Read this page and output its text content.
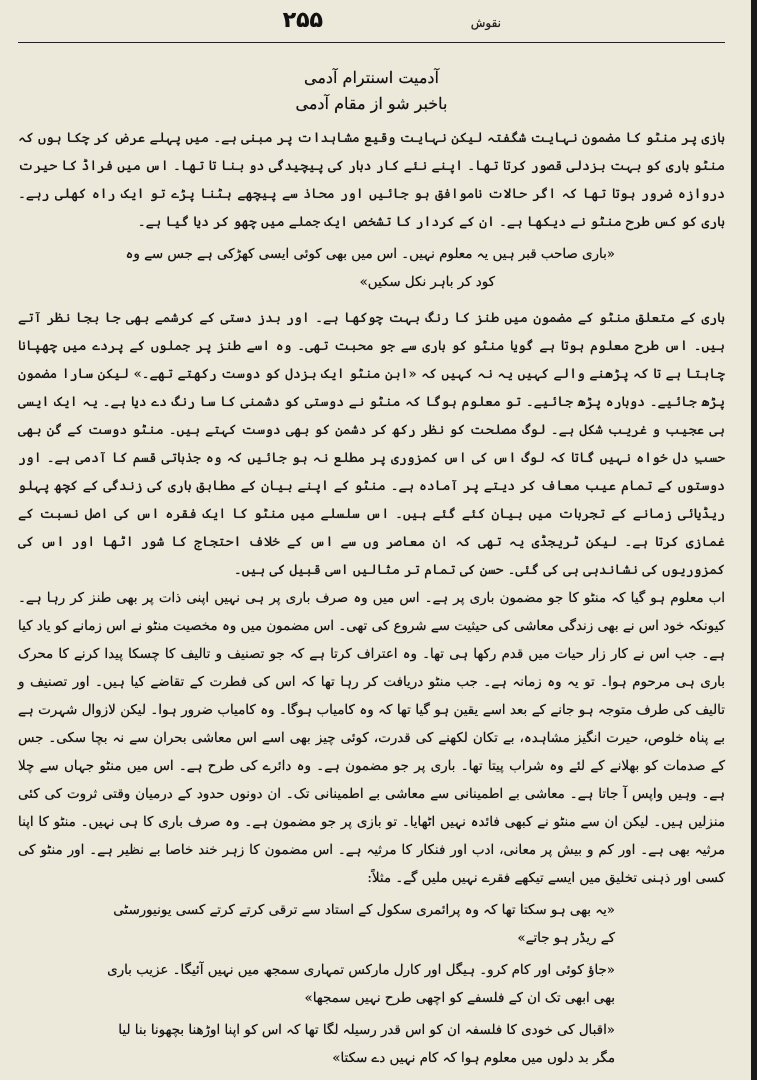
نقوش
۲۵۵
آدمیت اسنترام آدمی
باخبر شو از مقام آدمی

بازی پر منٹو کا مضمون نہایت شگفتہ لیکن نہایت وقیع مشاہدات پر مبنی ہے۔ میں پہلے عرض کر چکا ہوں کہ منٹو باری کو بہت بزدلی قصور کرتا تھا۔ اپنے نئے کار دبار کی پیچیدگی دو بنا تا تھا۔ اس میں فراڈ کا حیرت دروازہ ضرور ہوتا تھا کہ اگر حالات ناموافق ہو جائیں اور محاذ سے پیچھے ہٹنا پڑے تو ایک راہ کھلی رہے۔ باری کو کس طرح منٹو نے دیکھا ہے۔ ان کے کردار کا تشخص ایک جملے میں چھو کر دیا گیا ہے۔

«باری صاحب قبر ہیں یہ معلوم نہیں۔ اس میں بھی کوئی ایسی کھڑکی ہے جس سے وہ
کود کر باہر نکل سکیں»

باری کے متعلق منٹو کے مضمون میں طنز کا رنگ بہت چوکھا ہے۔ اور بدز دستی کے کرشمے بھی جا بجا نظر آتے ہیں۔ اس طرح معلوم ہوتا ہے گویا منٹو کو باری سے جو محبت تھی۔ وہ اسے طنز پر جملوں کے پردے میں چھپانا چاہتا ہے تا کہ پڑھنے والے کہیں یہ نہ کہیں کہ «ابن منٹو ایک بزدل کو دوست رکھتے تھے۔» لیکن سارا مضمون پڑھ جائیے۔ دوبارہ پڑھ جائیے۔ تو معلوم ہوگا کہ منٹو نے دوستی کو دشمنی کا سا رنگ دے دیا ہے۔ یہ ایک ایسی ہی عجیب و غریب شکل ہے۔ لوگ مصلحت کو نظر رکھ کر دشمن کو بھی دوست کہتے ہیں۔ منٹو دوست کے گن بھی حسبِ دل خواہ نہیں گاتا کہ لوگ اس کی اس کمزوری پر مطلع نہ ہو جائیں کہ وہ جذباتی قسم کا آدمی ہے۔ اور دوستوں کے تمام عیب معاف کر دیتے پر آمادہ ہے۔ منٹو کے اپنے بیان کے مطابق باری کی زندگی کے کچھ پہلو ریڈیائی زمانے کے تجربات میں بیان کئے گئے ہیں۔ اس سلسلے میں منٹو کا ایک فقرہ اس کی اصل نسبت کے غمازی کرتا ہے۔ لیکن ٹریجڈی یہ تھی کہ ان معاصر وں سے اس کے خلاف احتجاج کا شور اٹھا اور اس کی کمزوریوں کی نشاندہی ہی کی گئی۔ حسن کی تمام تر مثالیں اسی قبیل کی ہیں۔

اب معلوم ہو گیا کہ منٹو کا جو مضمون باری پر ہے۔ اس میں وہ صرف باری پر ہی نہیں اپنی ذات پر بھی طنز کر رہا ہے۔ کیونکہ خود اس نے بھی زندگی معاشی کی حیثیت سے شروع کی تھی۔ اس مضمون میں وہ مخصیت منٹو نے اس زمانے کو یاد کیا ہے۔ جب اس نے کار زار حیات میں قدم رکھا ہی تھا۔ وہ اعتراف کرتا ہے کہ جو تصنیف و تالیف کا چسکا پیدا کرنے کا محرک باری ہی مرحوم ہوا۔ تو یہ وہ زمانہ ہے۔ جب منٹو دریافت کر رہا تھا کہ اس کی فطرت کے تقاضے کیا ہیں۔ اور تصنیف و تالیف کی طرف متوجہ ہو جانے کے بعد اسے یقین ہو گیا تھا کہ وہ کامیاب ہوگا۔ وہ کامیاب ضرور ہوا۔ لیکن لازوال شہرت ہے بے پناہ خلوص، حیرت انگیز مشاہدہ، بے تکان لکھنے کی قدرت، کوئی چیز بھی اسے اس معاشی بحران سے نہ بچا سکی۔ جس کے صدمات کو بھلانے کے لئے وہ شراب پیتا تھا۔ باری پر جو مضمون ہے۔ وہ دائرے کی طرح ہے۔ اس میں منٹو جہاں سے چلا ہے۔ وہیں واپس آ جاتا ہے۔ معاشی بے اطمینانی سے معاشی بے اطمینانی تک۔ ان دونوں حدود کے درمیان وقتی ثروت کی کئی منزلیں ہیں۔ لیکن ان سے منٹو نے کبھی فائدہ نہیں اٹھایا۔ تو بازی پر جو مضمون ہے۔ وہ صرف باری کا ہی نہیں۔ منٹو کا اپنا مرثیہ بھی ہے۔ اور کم و بیش پر معانی، ادب اور فنکار کا مرثیہ ہے۔ اس مضمون کا زہر خند خاصا بے نظیر ہے۔ اور منٹو کی کسی اور ذہنی تخلیق میں ایسے تیکھے فقرے نہیں ملیں گے۔ مثلاً:

«یہ بھی ہو سکتا تھا کہ وہ پرائمری سکول کے استاد سے ترقی کرتے کرتے کسی یونیورسٹی
کے ریڈر ہو جاتے»
«جاؤ کوئی اور کام کرو۔ ہیگل اور کارل مارکس تمہاری سمجھ میں نہیں آئیگا۔ عزیب باری
بھی ابھی تک ان کے فلسفے کو اچھی طرح نہیں سمجھا»
«اقبال کی خودی کا فلسفہ ان کو اس قدر رسیلہ لگا تھا کہ اس کو اپنا اوڑھنا بچھونا بنا لیا
مگر بد دلوں میں معلوم ہوا کہ کام نہیں دے سکتا»
